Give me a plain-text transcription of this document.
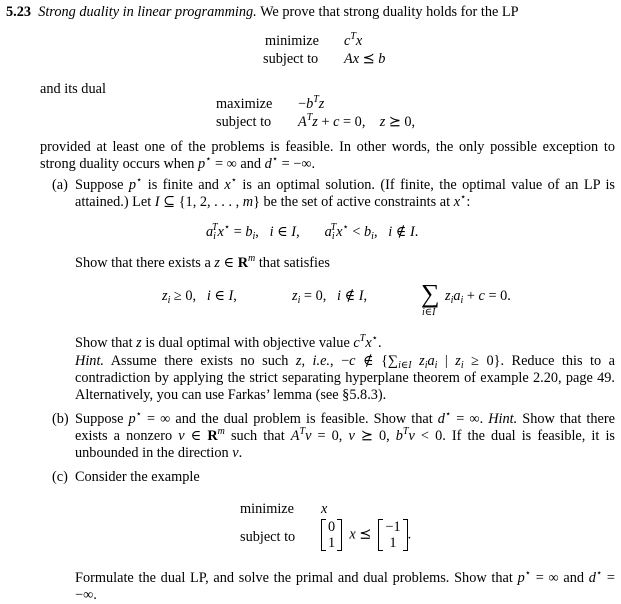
5.23 Strong duality in linear programming. We prove that strong duality holds for the LP
minimize $c^Tx$
subject to Ax ⪯ b
and its dual
maximize $-b^Tz$
subject to $A^Tz + c = 0$,    z ⪰ 0,
provided at least one of the problems is feasible. In other words, the only possible exception to strong duality occurs when p⋆ = ∞ and d⋆ = −∞.
(a) Suppose p⋆ is finite and x⋆ is an optimal solution. (If finite, the optimal value of an LP is attained.) Let I ⊆ {1, 2, . . . , m} be the set of active constraints at x⋆:
$a_i^Tx^⋆ = b_i$,   i ∈ I,       $a_i^Tx^⋆ < b_i$,   i ∉ I.
Show that there exists a z ∈ $R^m$ that satisfies
$z_i \ge 0$,   i ∈ I,	$z_i = 0$,   i ∉ I, ∑
i∈I
$z_ia_i + c = 0$.
Show that z is dual optimal with objective value $c^Tx^⋆$.
Hint. Assume there exists no such z, i.e., −c ∉ {$\sum_{i\in I}$ $z_ia_i$ | $z_i \ge 0$}. Reduce this to a contradiction by applying the strict separating hyperplane theorem of example 2.20, page 49. Alternatively, you can use Farkas’ lemma (see §5.8.3).
(b) Suppose p⋆ = ∞ and the dual problem is feasible. Show that d⋆ = ∞. Hint. Show that there exists a nonzero v ∈ $R^m$ such that $A^Tv = 0$, v ⪰ 0, $b^Tv < 0$. If the dual is feasible, it is unbounded in the direction v.
(c) Consider the example
minimize x
subject to
0
1
x ⪯ −1
1
.
Formulate the dual LP, and solve the primal and dual problems. Show that p⋆ = ∞ and d⋆ = −∞.
